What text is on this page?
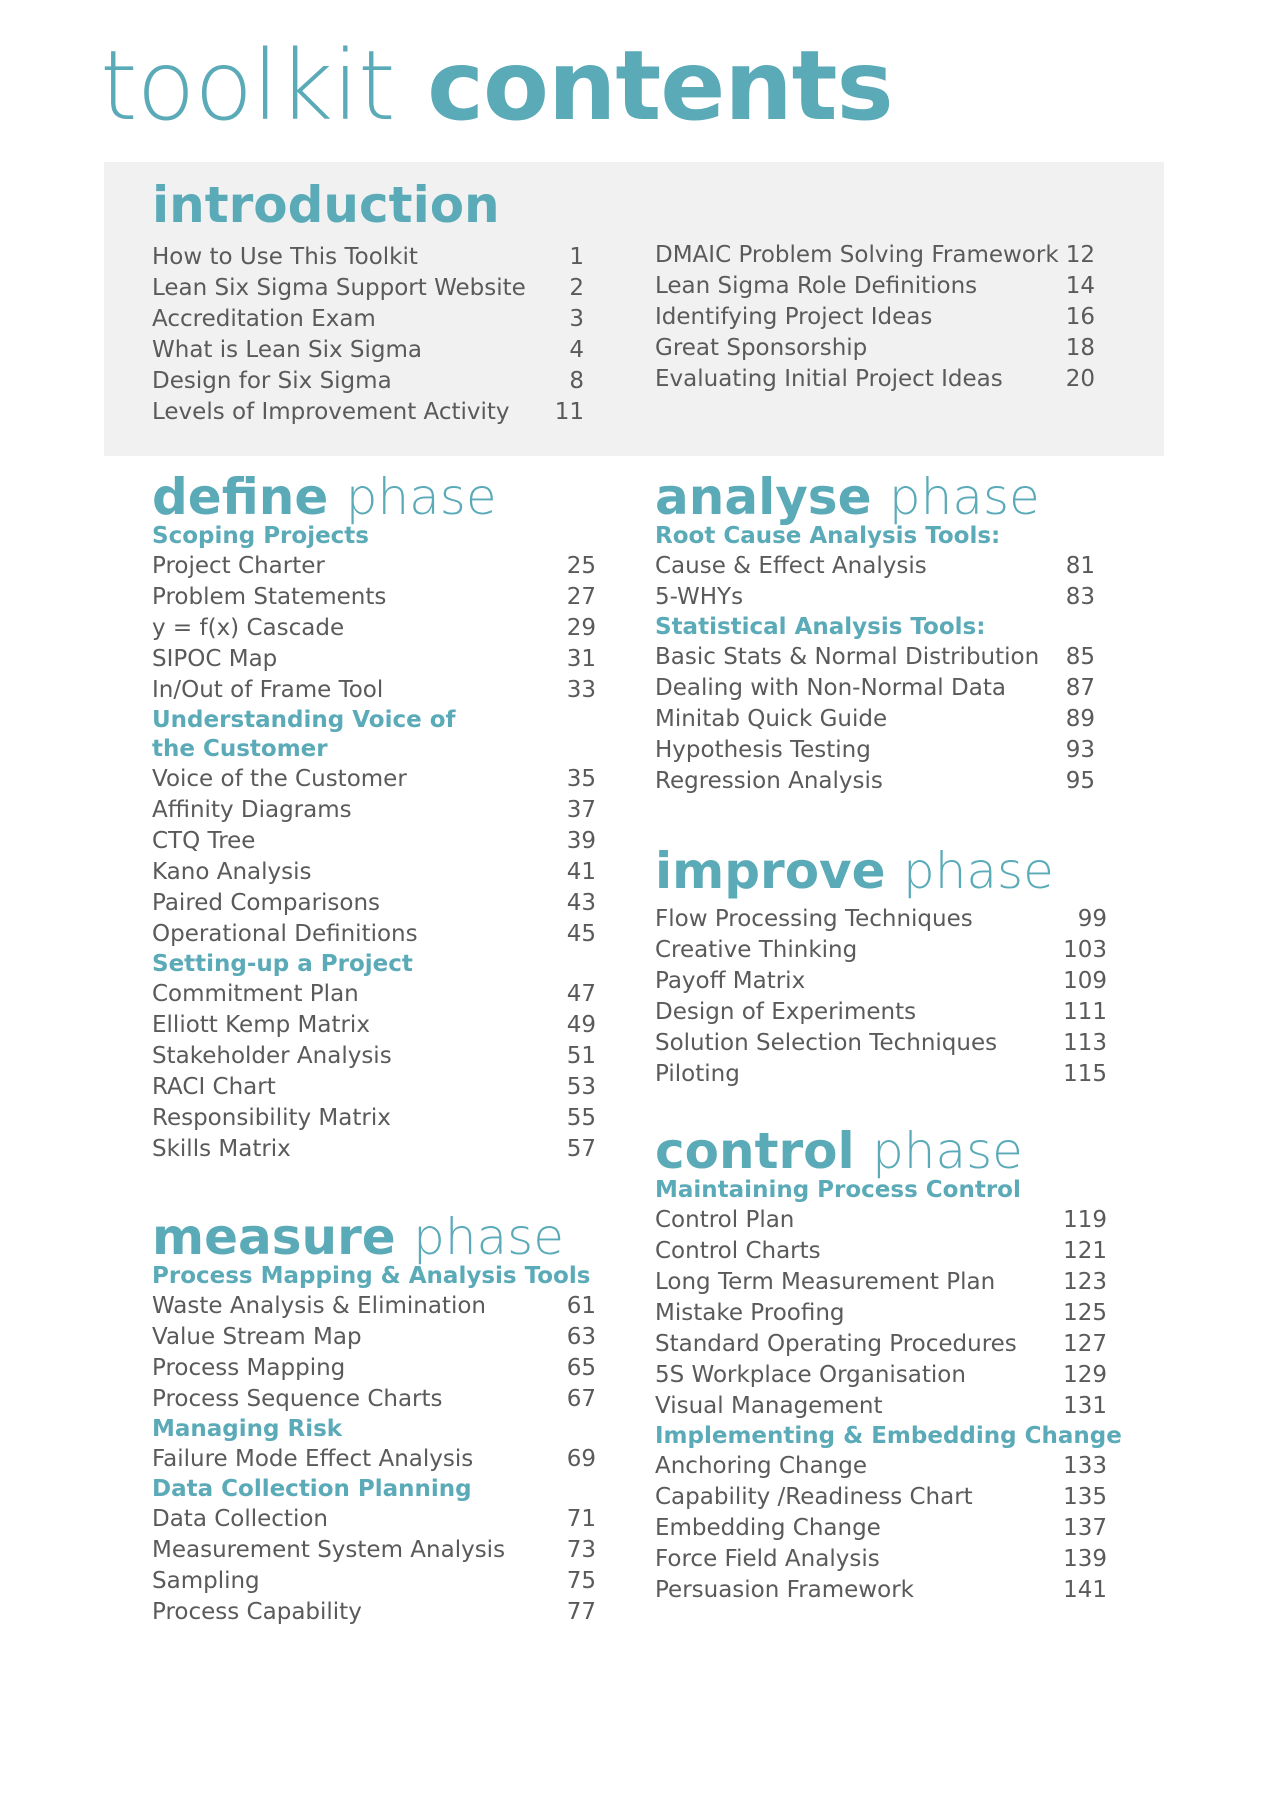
toolkit contents
introduction
How to Use This Toolkit	1
Lean Six Sigma Support Website 2
Accreditation Exam	3
What is Lean Six Sigma	4
Design for Six Sigma	8
Levels of Improvement Activity 11
DMAIC Problem Solving Framework 12
Lean Sigma Role Definitions	14
Identifying Project Ideas	16
Great Sponsorship	18
Evaluating Initial Project Ideas	20
define phase
Scoping Projects
Project Charter	25
Problem Statements	27
y = f(x) Cascade	29
SIPOC Map	31
In/Out of Frame Tool	33
Understanding Voice of
the Customer
Voice of the Customer	35
Affinity Diagrams	37
CTQ Tree	39
Kano Analysis	41
Paired Comparisons	43
Operational Definitions	45
Setting-up a Project
Commitment Plan	47
Elliott Kemp Matrix	49
Stakeholder Analysis	51
RACI Chart	53
Responsibility Matrix	55
Skills Matrix	57
measure phase
Process Mapping & Analysis Tools
Waste Analysis & Elimination	61
Value Stream Map	63
Process Mapping	65
Process Sequence Charts	67
Managing Risk
Failure Mode Effect Analysis	69
Data Collection Planning
Data Collection	71
Measurement System Analysis	73
Sampling	75
Process Capability	77
analyse phase
Root Cause Analysis Tools:
Cause & Effect Analysis	81
5-WHYs	83
Statistical Analysis Tools:
Basic Stats & Normal Distribution 85
Dealing with Non-Normal Data	87
Minitab Quick Guide	89
Hypothesis Testing	93
Regression Analysis	95
improve phase
Flow Processing Techniques	99
Creative Thinking	103
Payoff Matrix	109
Design of Experiments	111
Solution Selection Techniques	113
Piloting	115
control phase
Maintaining Process Control
Control Plan	119
Control Charts	121
Long Term Measurement Plan	123
Mistake Proofing	125
Standard Operating Procedures 127
5S Workplace Organisation	129
Visual Management	131
Implementing & Embedding Change
Anchoring Change	133
Capability /Readiness Chart	135
Embedding Change	137
Force Field Analysis	139
Persuasion Framework	141
